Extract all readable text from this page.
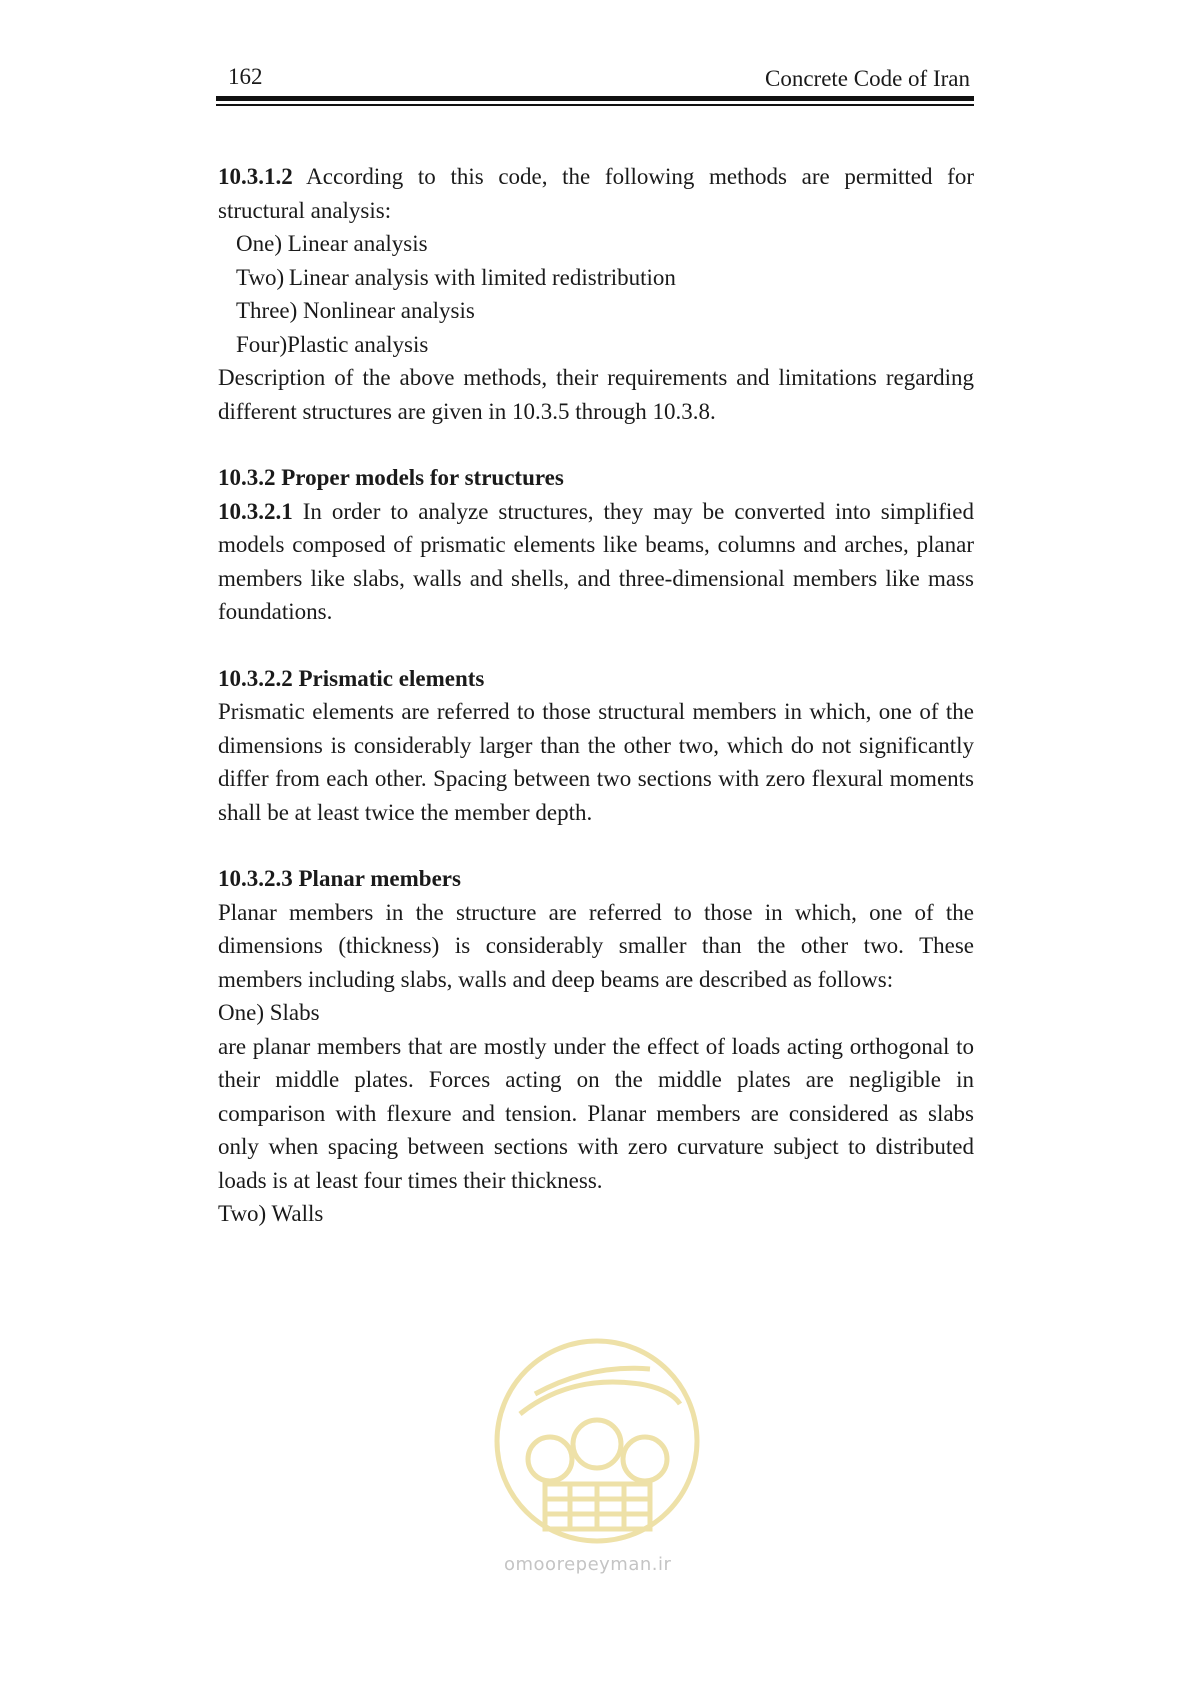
162	Concrete Code of Iran

10.3.1.2 According to this code, the following methods are permitted for structural analysis:

One) Linear analysis

Two) Linear analysis with limited redistribution

Three) Nonlinear analysis

Four)Plastic analysis

Description of the above methods, their requirements and limitations regarding different structures are given in 10.3.5 through 10.3.8.

10.3.2 Proper models for structures

10.3.2.1 In order to analyze structures, they may be converted into simplified models composed of prismatic elements like beams, columns and arches, planar members like slabs, walls and shells, and three-dimensional members like mass foundations.

10.3.2.2 Prismatic elements

Prismatic elements are referred to those structural members in which, one of the dimensions is considerably larger than the other two, which do not significantly differ from each other. Spacing between two sections with zero flexural moments shall be at least twice the member depth.

10.3.2.3 Planar members

Planar members in the structure are referred to those in which, one of the dimensions (thickness) is considerably smaller than the other two. These members including slabs, walls and deep beams are described as follows:

One) Slabs

are planar members that are mostly under the effect of loads acting orthogonal to their middle plates. Forces acting on the middle plates are negligible in comparison with flexure and tension. Planar members are considered as slabs only when spacing between sections with zero curvature subject to distributed loads is at least four times their thickness.

Two) Walls

omoorepeyman.ir
